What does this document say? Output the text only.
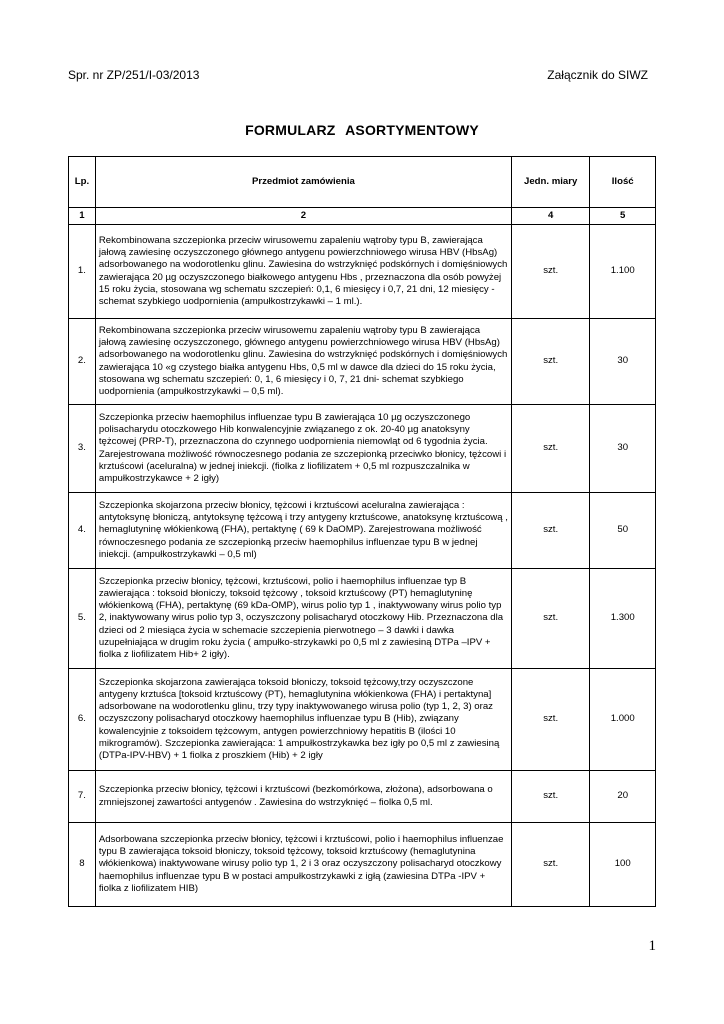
Spr. nr ZP/251/I-03/2013	Załącznik do SIWZ
FORMULARZ ASORTYMENTOWY
Lp.	Przedmiot zamówienia	Jedn. miary	Ilość
1	2	4	5
1.	Rekombinowana szczepionka przeciw wirusowemu zapaleniu wątroby typu B, zawierająca jałową zawiesinę oczyszczonego głównego antygenu powierzchniowego wirusa HBV (HbsAg) adsorbowanego na wodorotlenku glinu. Zawiesina do wstrzyknięć podskórnych i domięśniowych zawierająca 20 µg oczyszczonego białkowego antygenu Hbs , przeznaczona dla osób powyżej 15 roku życia, stosowana wg schematu szczepień: 0,1, 6 miesięcy i 0,7, 21 dni, 12 miesięcy - schemat szybkiego uodpornienia (ampułkostrzykawki – 1 ml.).	szt.	1.100
2.	Rekombinowana szczepionka przeciw wirusowemu zapaleniu wątroby typu B zawierająca jałową zawiesinę oczyszczonego, głównego antygenu powierzchniowego wirusa HBV (HbsAg) adsorbowanego na wodorotlenku glinu. Zawiesina do wstrzyknięć podskórnych i domięśniowych zawierająca 10 «g czystego białka antygenu Hbs, 0,5 ml w dawce dla dzieci do 15 roku życia, stosowana wg schematu szczepień: 0, 1, 6 miesięcy i 0, 7, 21 dni- schemat szybkiego uodpornienia (ampułkostrzykawki – 0,5 ml).	szt.	30
3.	Szczepionka przeciw haemophilus influenzae typu B zawierająca 10 µg oczyszczonego polisacharydu otoczkowego Hib konwalencyjnie związanego z ok. 20-40 µg anatoksyny tężcowej (PRP-T), przeznaczona do czynnego uodpornienia niemowląt od 6 tygodnia życia. Zarejestrowana możliwość równoczesnego podania ze szczepionką przeciwko błonicy, tężcowi i krztuścowi (aceluralna) w jednej iniekcji. (fiolka z liofilizatem + 0,5 ml rozpuszczalnika w ampułkostrzykawce + 2 igły)	szt.	30
4.	Szczepionka skojarzona przeciw błonicy, tężcowi i krztuścowi aceluralna zawierająca : antytoksynę błoniczą, antytoksynę tężcową i trzy antygeny krztuścowe, anatoksynę krztuścową , hemaglutyninę włókienkową (FHA), pertaktynę ( 69 k DaOMP). Zarejestrowana możliwość równoczesnego podania ze szczepionką przeciw haemophilus influenzae typu B w jednej iniekcji. (ampułkostrzykawki – 0,5 ml)	szt.	50
5.	Szczepionka przeciw błonicy, tężcowi, krztuścowi, polio i haemophilus influenzae typ B zawierająca : toksoid błoniczy, toksoid tężcowy , toksoid krztuścowy (PT) hemaglutyninę włókienkową (FHA), pertaktynę (69 kDa-OMP), wirus polio typ 1 , inaktywowany wirus polio typ 2, inaktywowany wirus polio typ 3, oczyszczony polisacharyd otoczkowy Hib. Przeznaczona dla dzieci od 2 miesiąca życia w schemacie szczepienia pierwotnego – 3 dawki i dawka uzupełniająca w drugim roku życia ( ampułko-strzykawki po 0,5 ml z zawiesiną DTPa –IPV + fiolka z liofilizatem Hib+ 2 igły).	szt.	1.300
6.	Szczepionka skojarzona zawierająca toksoid błoniczy, toksoid tężcowy,trzy oczyszczone antygeny krztuśca [toksoid krztuścowy (PT), hemaglutynina włókienkowa (FHA) i pertaktyna] adsorbowane na wodorotlenku glinu, trzy typy inaktywowanego wirusa polio (typ 1, 2, 3) oraz oczyszczony polisacharyd otoczkowy haemophilus influenzae typu B (Hib), związany kowalencyjnie z toksoidem tężcowym, antygen powierzchniowy hepatitis B (ilości 10 mikrogramów). Szczepionka zawierająca: 1 ampułkostrzykawka bez igły po 0,5 ml z zawiesiną (DTPa-IPV-HBV) + 1 fiolka z proszkiem (Hib) + 2 igły	szt.	1.000
7.	Szczepionka przeciw błonicy, tężcowi i krztuścowi (bezkomórkowa, złożona), adsorbowana o zmniejszonej zawartości antygenów . Zawiesina do wstrzyknięć – fiolka 0,5 ml.	szt.	20
8	Adsorbowana szczepionka przeciw błonicy, tężcowi i krztuścowi, polio i haemophilus influenzae typu B zawierająca toksoid błoniczy, toksoid tężcowy, toksoid krztuścowy (hemaglutynina włókienkowa) inaktywowane wirusy polio typ 1, 2 i 3 oraz oczyszczony polisacharyd otoczkowy haemophilus influenzae typu B w postaci ampułkostrzykawki z igłą (zawiesina DTPa -IPV + fiolka z liofilizatem HIB)	szt.	100
1
